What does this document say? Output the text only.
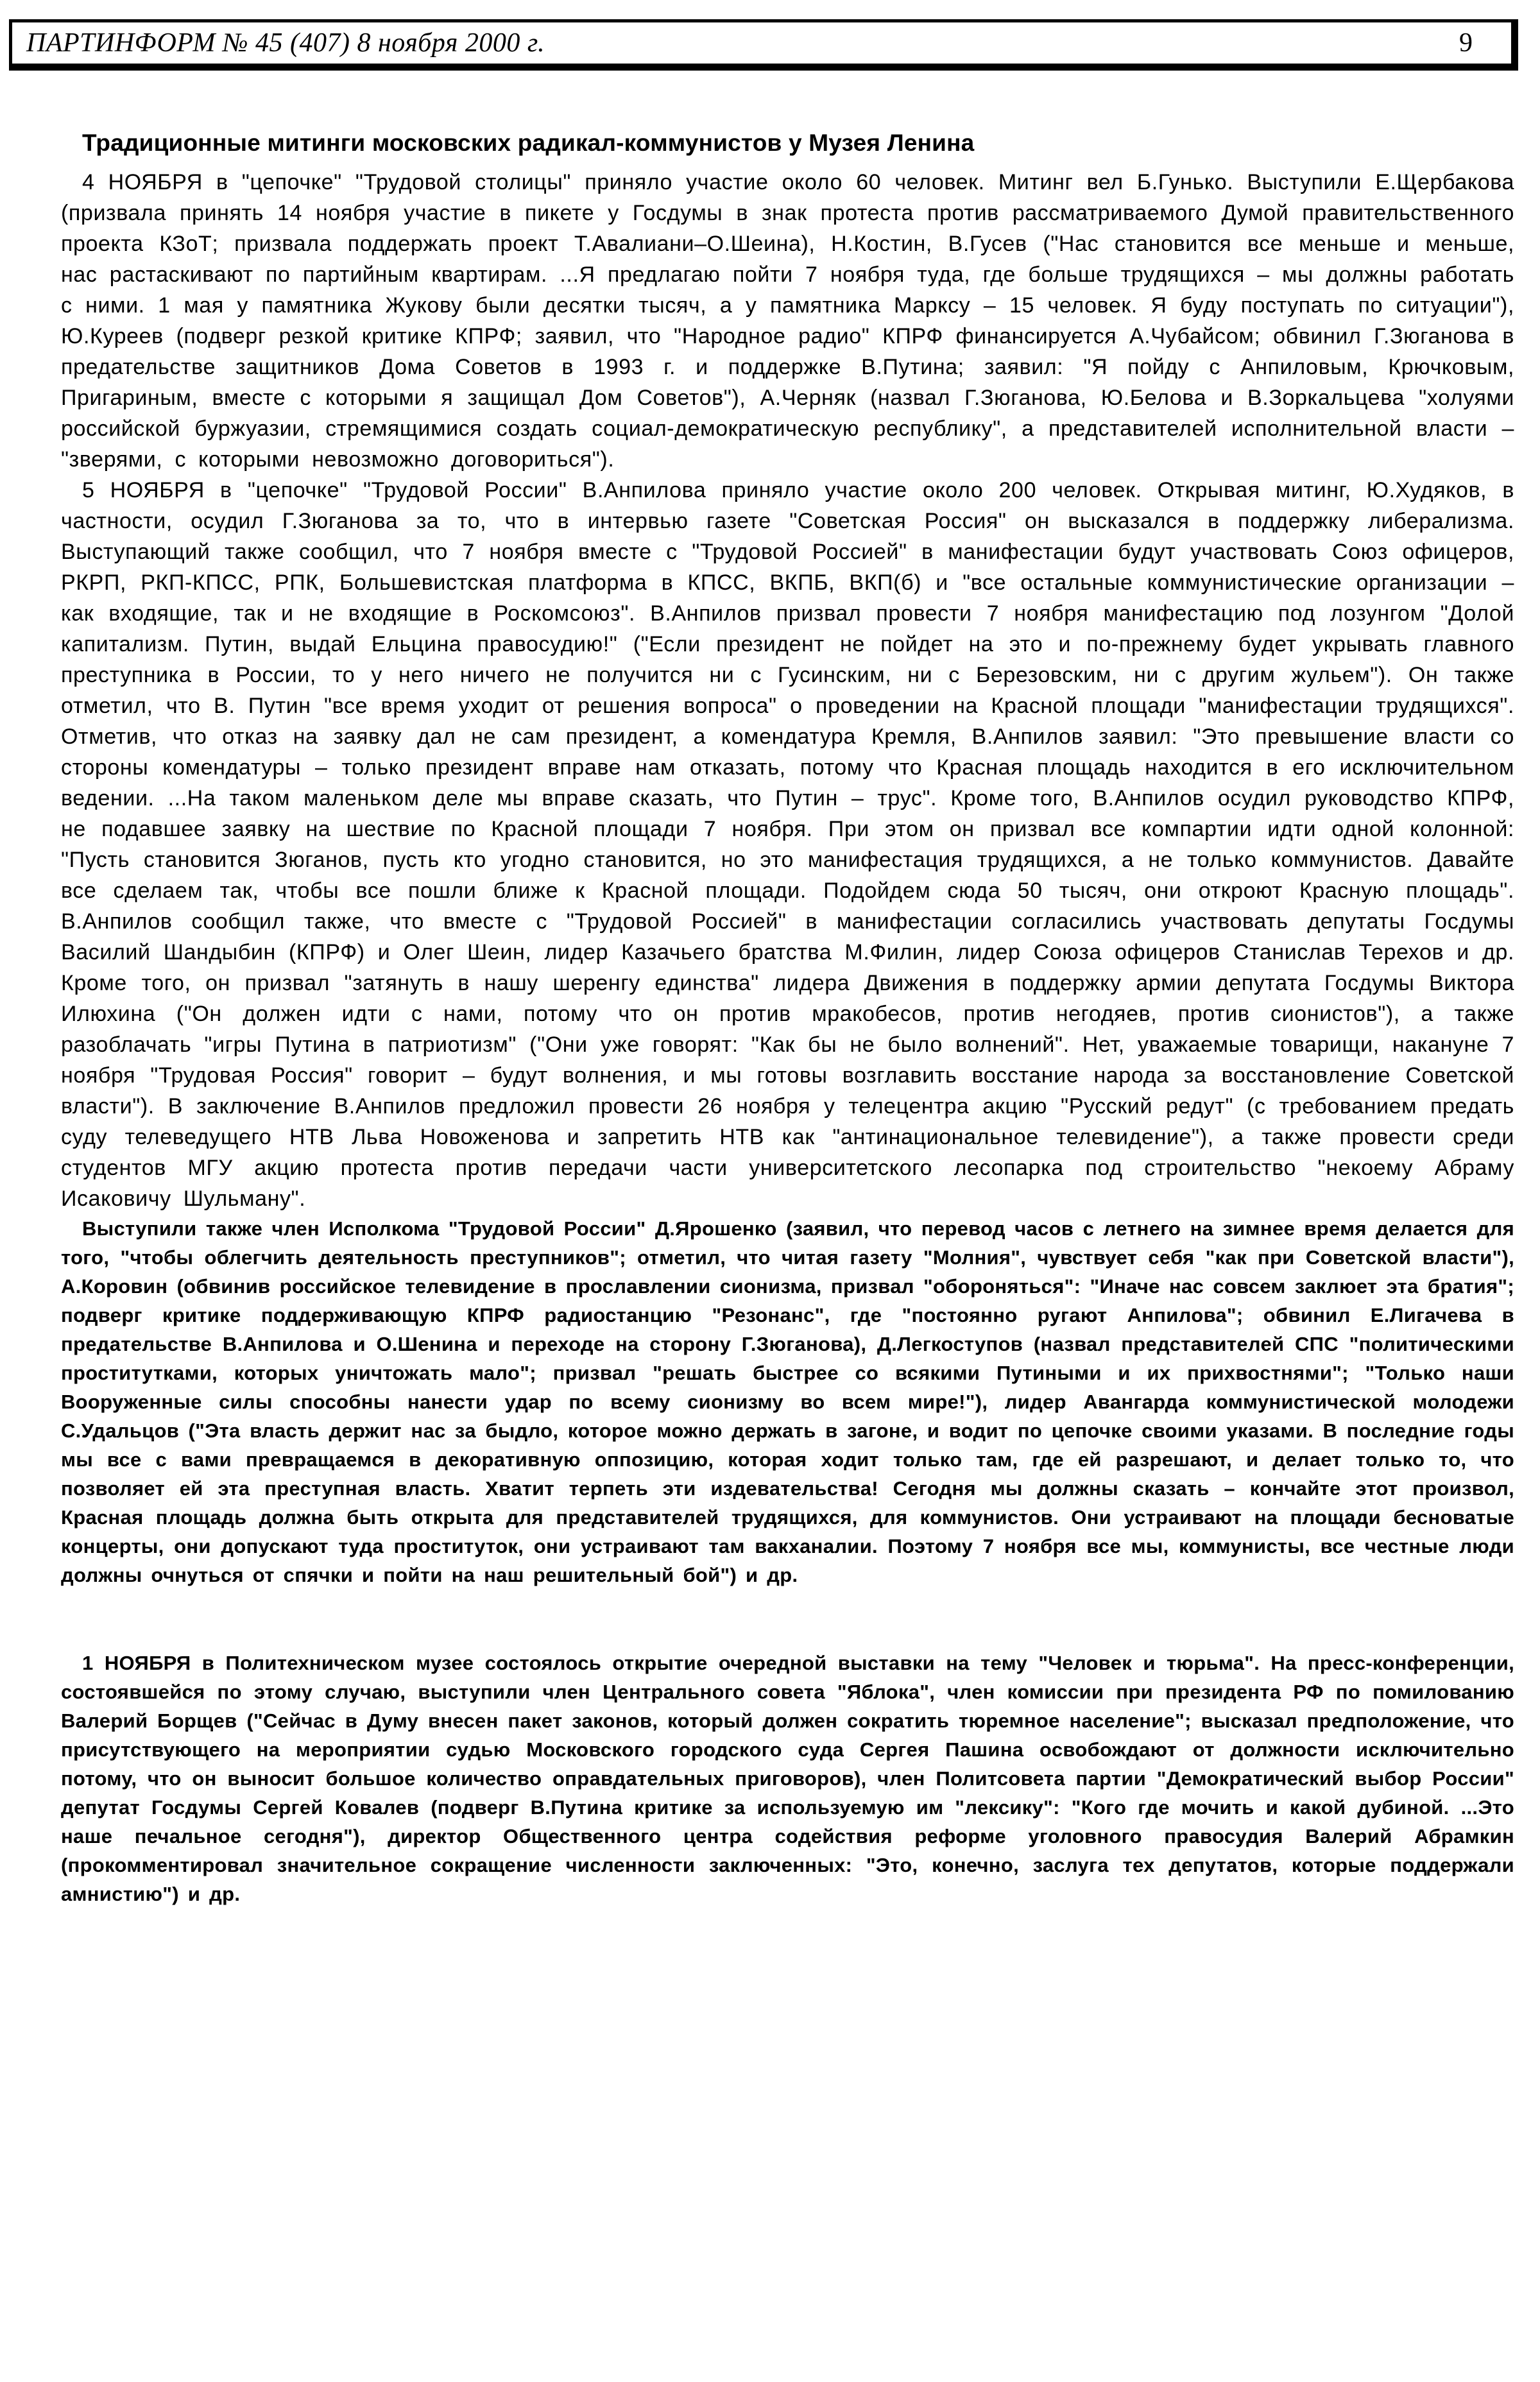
ПАРТИНФОРМ № 45 (407) 8 ноября 2000 г.	9
Традиционные митинги московских радикал-коммунистов у Музея Ленина

4 НОЯБРЯ в "цепочке" "Трудовой столицы" приняло участие около 60 человек. Митинг вел Б.Гунько. Выступили Е.Щербакова (призвала принять 14 ноября участие в пикете у Госдумы в знак протеста против рассматриваемого Думой правительственного проекта КЗоТ; призвала поддержать проект Т.Авалиани–О.Шеина), Н.Костин, В.Гусев ("Нас становится все меньше и меньше, нас растаскивают по партийным квартирам. ...Я предлагаю пойти 7 ноября туда, где больше трудящихся – мы должны работать с ними. 1 мая у памятника Жукову были десятки тысяч, а у памятника Марксу – 15 человек. Я буду поступать по ситуации"), Ю.Куреев (подверг резкой критике КПРФ; заявил, что "Народное радио" КПРФ финансируется А.Чубайсом; обвинил Г.Зюганова в предательстве защитников Дома Советов в 1993 г. и поддержке В.Путина; заявил: "Я пойду с Анпиловым, Крючковым, Пригариным, вместе с которыми я защищал Дом Советов"), А.Черняк (назвал Г.Зюганова, Ю.Белова и В.Зоркальцева "холуями российской буржуазии, стремящимися создать социал-демократическую республику", а представителей исполнительной власти – "зверями, с которыми невозможно договориться").

5 НОЯБРЯ в "цепочке" "Трудовой России" В.Анпилова приняло участие около 200 человек. Открывая митинг, Ю.Худяков, в частности, осудил Г.Зюганова за то, что в интервью газете "Советская Россия" он высказался в поддержку либерализма. Выступающий также сообщил, что 7 ноября вместе с "Трудовой Россией" в манифестации будут участвовать Союз офицеров, РКРП, РКП-КПСС, РПК, Большевистская платформа в КПСС, ВКПБ, ВКП(б) и "все остальные коммунистические организации – как входящие, так и не входящие в Роскомсоюз". В.Анпилов призвал провести 7 ноября манифестацию под лозунгом "Долой капитализм. Путин, выдай Ельцина правосудию!" ("Если президент не пойдет на это и по-прежнему будет укрывать главного преступника в России, то у него ничего не получится ни с Гусинским, ни с Березовским, ни с другим жульем"). Он также отметил, что В. Путин "все время уходит от решения вопроса" о проведении на Красной площади "манифестации трудящихся". Отметив, что отказ на заявку дал не сам президент, а комендатура Кремля, В.Анпилов заявил: "Это превышение власти со стороны комендатуры – только президент вправе нам отказать, потому что Красная площадь находится в его исключительном ведении. ...На таком маленьком деле мы вправе сказать, что Путин – трус". Кроме того, В.Анпилов осудил руководство КПРФ, не подавшее заявку на шествие по Красной площади 7 ноября. При этом он призвал все компартии идти одной колонной: "Пусть становится Зюганов, пусть кто угодно становится, но это манифестация трудящихся, а не только коммунистов. Давайте все сделаем так, чтобы все пошли ближе к Красной площади. Подойдем сюда 50 тысяч, они откроют Красную площадь". В.Анпилов сообщил также, что вместе с "Трудовой Россией" в манифестации согласились участвовать депутаты Госдумы Василий Шандыбин (КПРФ) и Олег Шеин, лидер Казачьего братства М.Филин, лидер Союза офицеров Станислав Терехов и др. Кроме того, он призвал "затянуть в нашу шеренгу единства" лидера Движения в поддержку армии депутата Госдумы Виктора Илюхина ("Он должен идти с нами, потому что он против мракобесов, против негодяев, против сионистов"), а также разоблачать "игры Путина в патриотизм" ("Они уже говорят: "Как бы не было волнений". Нет, уважаемые товарищи, накануне 7 ноября "Трудовая Россия" говорит – будут волнения, и мы готовы возглавить восстание народа за восстановление Советской власти"). В заключение В.Анпилов предложил провести 26 ноября у телецентра акцию "Русский редут" (с требованием предать суду телеведущего НТВ Льва Новоженова и запретить НТВ как "антинациональное телевидение"), а также провести среди студентов МГУ акцию протеста против передачи части университетского лесопарка под строительство "некоему Абраму Исаковичу Шульману".

Выступили также член Исполкома "Трудовой России" Д.Ярошенко (заявил, что перевод часов с летнего на зимнее время делается для того, "чтобы облегчить деятельность преступников"; отметил, что читая газету "Молния", чувствует себя "как при Советской власти"), А.Коровин (обвинив российское телевидение в прославлении сионизма, призвал "обороняться": "Иначе нас совсем заклюет эта братия"; подверг критике поддерживающую КПРФ радиостанцию "Резонанс", где "постоянно ругают Анпилова"; обвинил Е.Лигачева в предательстве В.Анпилова и О.Шенина и переходе на сторону Г.Зюганова), Д.Легкоступов (назвал представителей СПС "политическими проститутками, которых уничтожать мало"; призвал "решать быстрее со всякими Путиными и их прихвостнями"; "Только наши Вооруженные силы способны нанести удар по всему сионизму во всем мире!"), лидер Авангарда коммунистической молодежи С.Удальцов ("Эта власть держит нас за быдло, которое можно держать в загоне, и водит по цепочке своими указами. В последние годы мы все с вами превращаемся в декоративную оппозицию, которая ходит только там, где ей разрешают, и делает только то, что позволяет ей эта преступная власть. Хватит терпеть эти издевательства! Сегодня мы должны сказать – кончайте этот произвол, Красная площадь должна быть открыта для представителей трудящихся, для коммунистов. Они устраивают на площади бесноватые концерты, они допускают туда проституток, они устраивают там вакханалии. Поэтому 7 ноября все мы, коммунисты, все честные люди должны очнуться от спячки и пойти на наш решительный бой") и др.

1 НОЯБРЯ в Политехническом музее состоялось открытие очередной выставки на тему "Человек и тюрьма". На пресс-конференции, состоявшейся по этому случаю, выступили член Центрального совета "Яблока", член комиссии при президента РФ по помилованию Валерий Борщев ("Сейчас в Думу внесен пакет законов, который должен сократить тюремное население"; высказал предположение, что присутствующего на мероприятии судью Московского городского суда Сергея Пашина освобождают от должности исключительно потому, что он выносит большое количество оправдательных приговоров), член Политсовета партии "Демократический выбор России" депутат Госдумы Сергей Ковалев (подверг В.Путина критике за используемую им "лексику": "Кого где мочить и какой дубиной. ...Это наше печальное сегодня"), директор Общественного центра содействия реформе уголовного правосудия Валерий Абрамкин (прокомментировал значительное сокращение численности заключенных: "Это, конечно, заслуга тех депутатов, которые поддержали амнистию") и др.
